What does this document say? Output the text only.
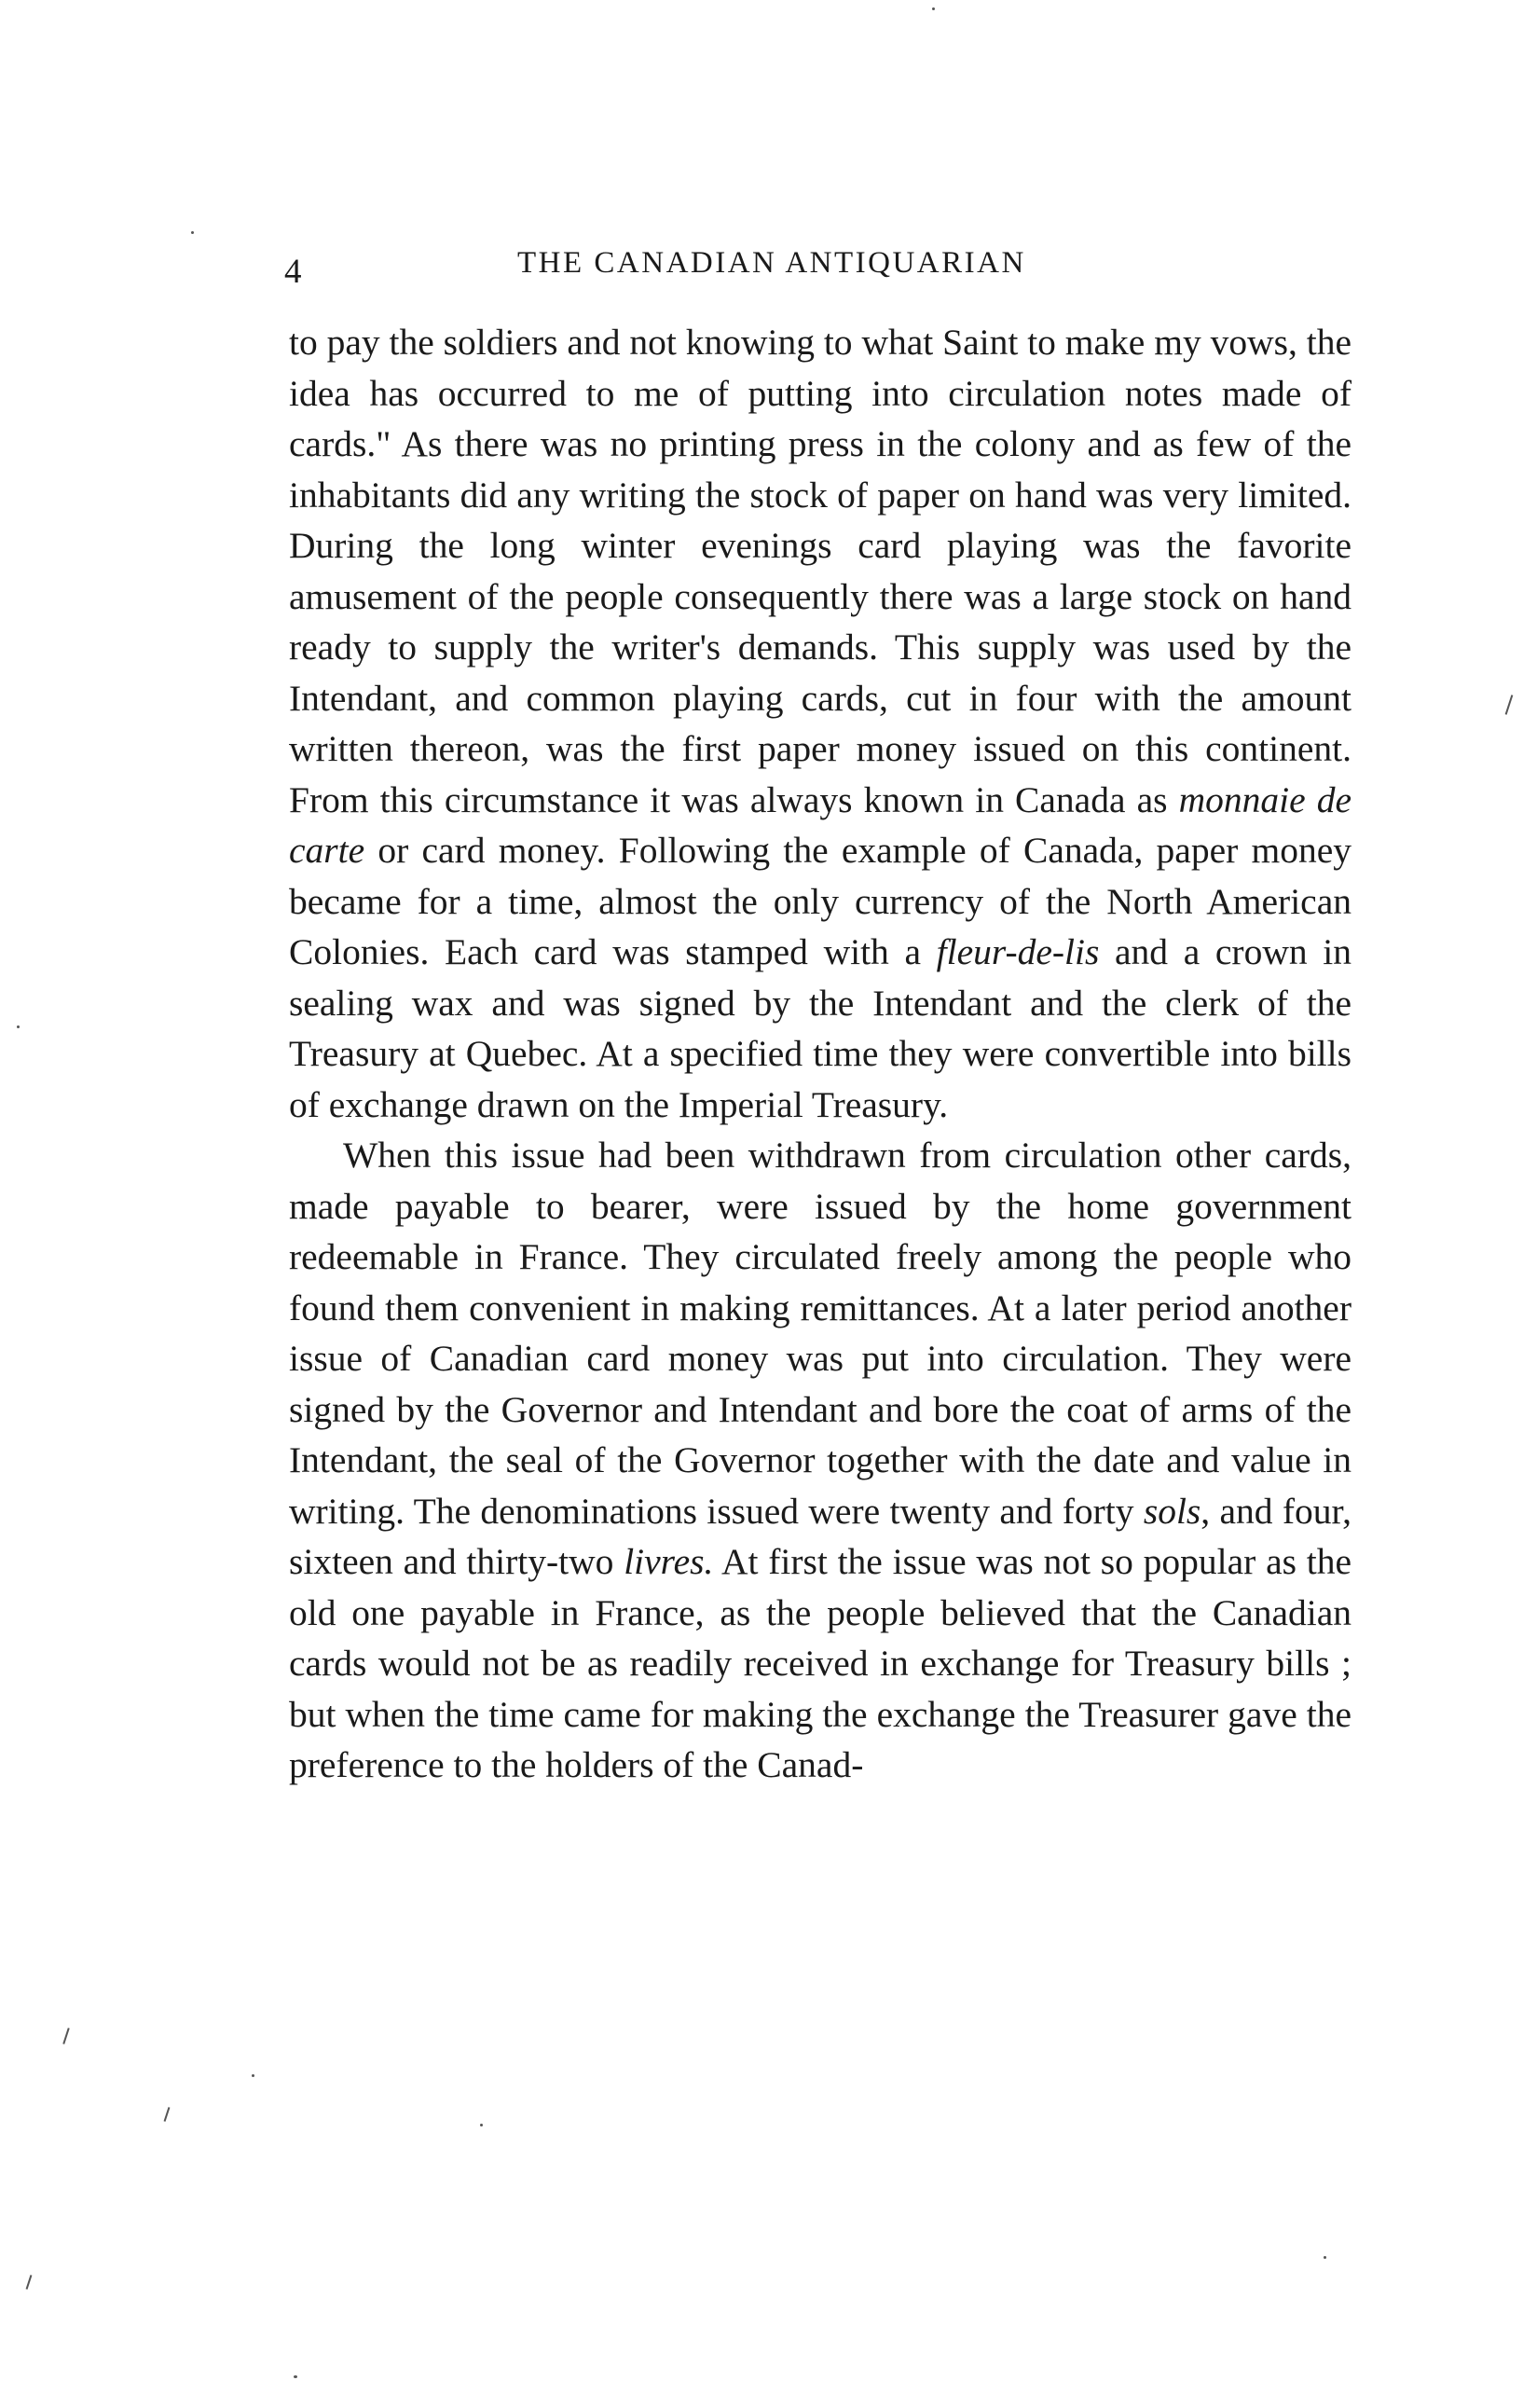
4	THE CANADIAN ANTIQUARIAN

to pay the soldiers and not knowing to what Saint to make my vows, the idea has occurred to me of putting into circulation notes made of cards." As there was no printing press in the colony and as few of the inhabitants did any writing the stock of paper on hand was very limited. During the long winter evenings card playing was the favorite amusement of the people consequently there was a large stock on hand ready to supply the writer's demands. This supply was used by the Intendant, and common playing cards, cut in four with the amount written thereon, was the first paper money issued on this continent. From this circumstance it was always known in Canada as monnaie de carte or card money. Following the example of Canada, paper money became for a time, almost the only currency of the North American Colonies. Each card was stamped with a fleur-de-lis and a crown in sealing wax and was signed by the Intendant and the clerk of the Treasury at Quebec. At a specified time they were convertible into bills of exchange drawn on the Imperial Treasury.

When this issue had been withdrawn from circulation other cards, made payable to bearer, were issued by the home government redeemable in France. They circulated freely among the people who found them convenient in making remittances. At a later period another issue of Canadian card money was put into circulation. They were signed by the Governor and Intendant and bore the coat of arms of the Intendant, the seal of the Governor together with the date and value in writing. The denominations issued were twenty and forty sols, and four, sixteen and thirty-two livres. At first the issue was not so popular as the old one payable in France, as the people believed that the Canadian cards would not be as readily received in exchange for Treasury bills ; but when the time came for making the exchange the Treasurer gave the preference to the holders of the Canad-
